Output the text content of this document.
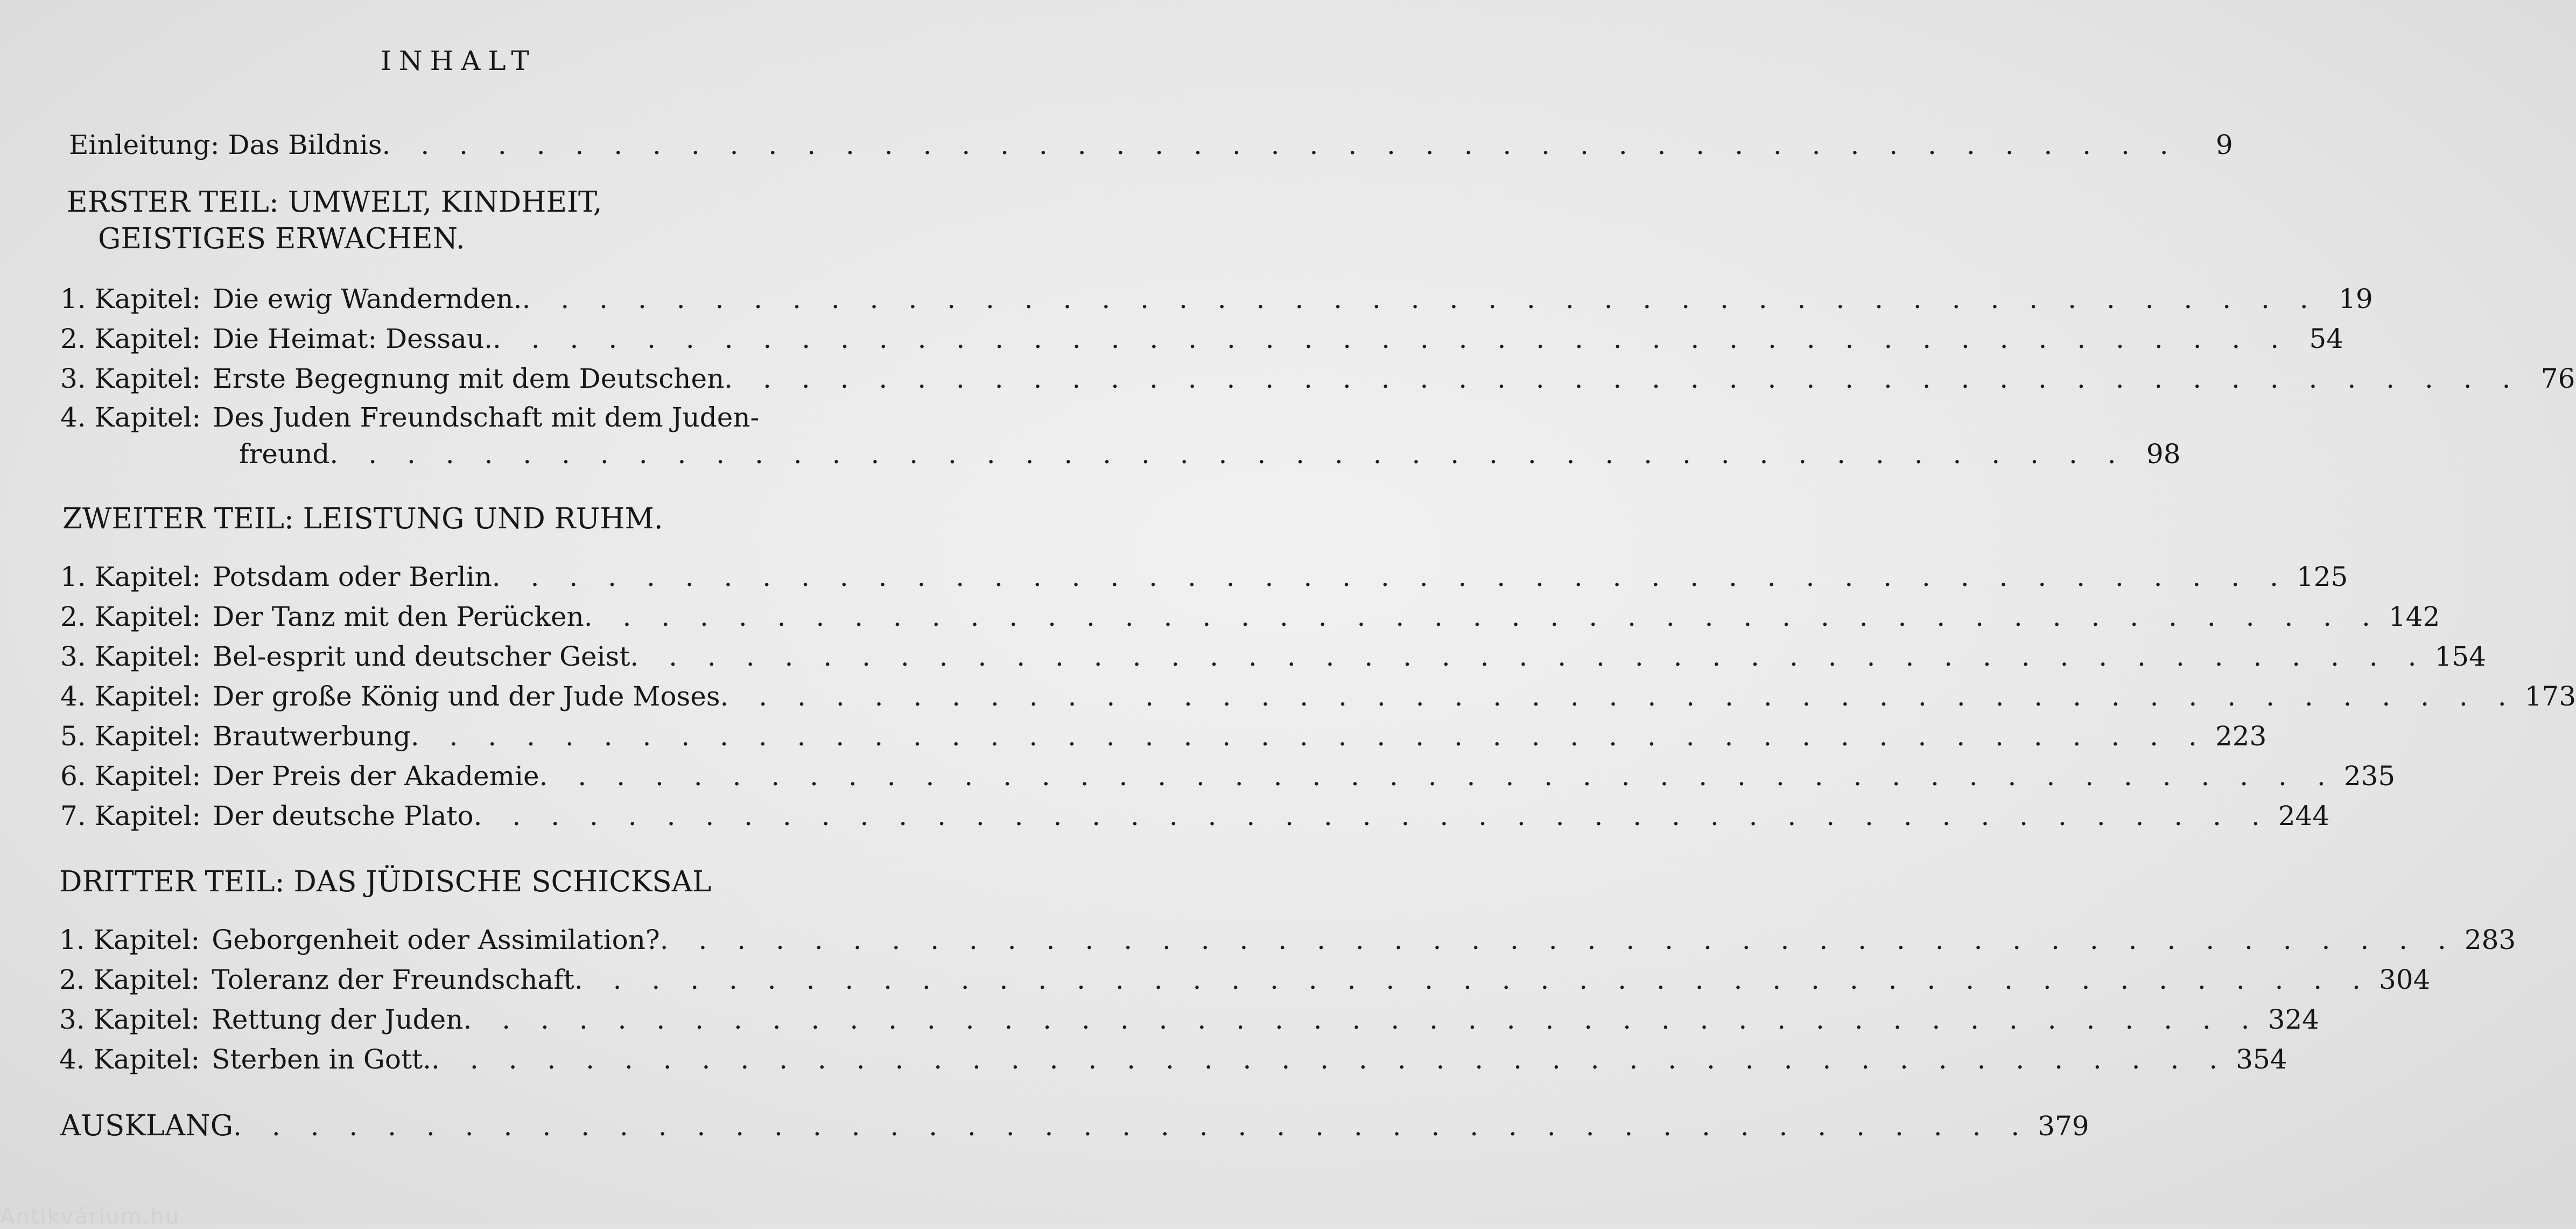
INHALT
Einleitung: Das Bildnis . . . . . . . . . . . . . . . . . . . . . . . . . . . . . . . . . . . . . . . . . . . . . . .	9
ERSTER TEIL: UMWELT, KINDHEIT,
GEISTIGES ERWACHEN.
1. Kapitel: Die ewig Wandernden. . . . . . . . . . . . . . . . . . . . . . . . . . . . . . . . . . . . . . . . . . . . . . . . 19
2. Kapitel: Die Heimat: Dessau. . . . . . . . . . . . . . . . . . . . . . . . . . . . . . . . . . . . . . . . . . . . . . . . 54
3. Kapitel: Erste Begegnung mit dem Deutschen . . . . . . . . . . . . . . . . . . . . . . . . . . . . . . . . . . . . . . . . . . . . . . . 76
4. Kapitel: Des Juden Freundschaft mit dem Juden-
freund . . . . . . . . . . . . . . . . . . . . . . . . . . . . . . . . . . . . . . . . . . . . . . . 98
ZWEITER TEIL: LEISTUNG UND RUHM.
1. Kapitel: Potsdam oder Berlin . . . . . . . . . . . . . . . . . . . . . . . . . . . . . . . . . . . . . . . . . . . . . . . 125
2. Kapitel: Der Tanz mit den Perücken . . . . . . . . . . . . . . . . . . . . . . . . . . . . . . . . . . . . . . . . . . . . . . . 142
3. Kapitel: Bel-esprit und deutscher Geist . . . . . . . . . . . . . . . . . . . . . . . . . . . . . . . . . . . . . . . . . . . . . . . 154
4. Kapitel: Der große König und der Jude Moses . . . . . . . . . . . . . . . . . . . . . . . . . . . . . . . . . . . . . . . . . . . . . . . 173
5. Kapitel: Brautwerbung . . . . . . . . . . . . . . . . . . . . . . . . . . . . . . . . . . . . . . . . . . . . . . . 223
6. Kapitel: Der Preis der Akademie . . . . . . . . . . . . . . . . . . . . . . . . . . . . . . . . . . . . . . . . . . . . . . . 235
7. Kapitel: Der deutsche Plato . . . . . . . . . . . . . . . . . . . . . . . . . . . . . . . . . . . . . . . . . . . . . . . 244
DRITTER TEIL: DAS JÜDISCHE SCHICKSAL
1. Kapitel: Geborgenheit oder Assimilation? . . . . . . . . . . . . . . . . . . . . . . . . . . . . . . . . . . . . . . . . . . . . . . . 283
2. Kapitel: Toleranz der Freundschaft . . . . . . . . . . . . . . . . . . . . . . . . . . . . . . . . . . . . . . . . . . . . . . . 304
3. Kapitel: Rettung der Juden . . . . . . . . . . . . . . . . . . . . . . . . . . . . . . . . . . . . . . . . . . . . . . . 324
4. Kapitel: Sterben in Gott. . . . . . . . . . . . . . . . . . . . . . . . . . . . . . . . . . . . . . . . . . . . . . . . 354
AUSKLANG . . . . . . . . . . . . . . . . . . . . . . . . . . . . . . . . . . . . . . . . . . . . . . . 379
Antikvárium.hu
